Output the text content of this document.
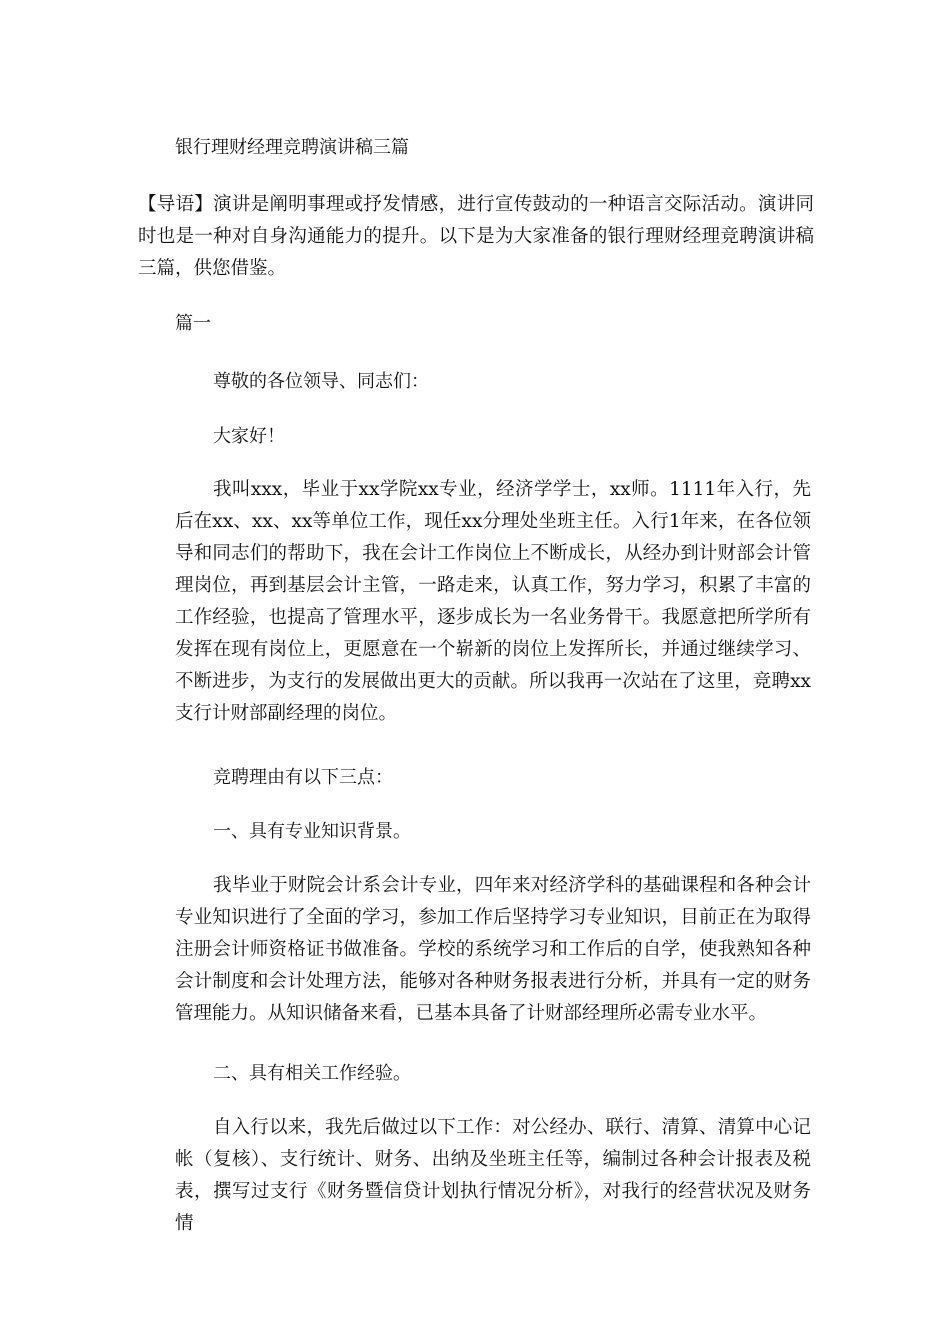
银行理财经理竞聘演讲稿三篇
【导语】演讲是阐明事理或抒发情感，进行宣传鼓动的一种语言交际活动。演讲同时也是一种对自身沟通能力的提升。以下是为大家准备的银行理财经理竞聘演讲稿三篇，供您借鉴。
篇一
尊敬的各位领导、同志们：
大家好！
我叫xxx，毕业于xx学院xx专业，经济学学士，xx师。1111年入行，先后在xx、xx、xx等单位工作，现任xx分理处坐班主任。入行1年来，在各位领导和同志们的帮助下，我在会计工作岗位上不断成长，从经办到计财部会计管理岗位，再到基层会计主管，一路走来，认真工作，努力学习，积累了丰富的工作经验，也提高了管理水平，逐步成长为一名业务骨干。我愿意把所学所有发挥在现有岗位上，更愿意在一个崭新的岗位上发挥所长，并通过继续学习、不断进步，为支行的发展做出更大的贡献。所以我再一次站在了这里，竞聘xx支行计财部副经理的岗位。
竞聘理由有以下三点：
一、具有专业知识背景。
我毕业于财院会计系会计专业，四年来对经济学科的基础课程和各种会计专业知识进行了全面的学习，参加工作后坚持学习专业知识，目前正在为取得注册会计师资格证书做准备。学校的系统学习和工作后的自学，使我熟知各种会计制度和会计处理方法，能够对各种财务报表进行分析，并具有一定的财务管理能力。从知识储备来看，已基本具备了计财部经理所必需专业水平。
二、具有相关工作经验。
自入行以来，我先后做过以下工作：对公经办、联行、清算、清算中心记帐（复核）、支行统计、财务、出纳及坐班主任等，编制过各种会计报表及税表，撰写过支行《财务暨信贷计划执行情况分析》，对我行的经营状况及财务情
